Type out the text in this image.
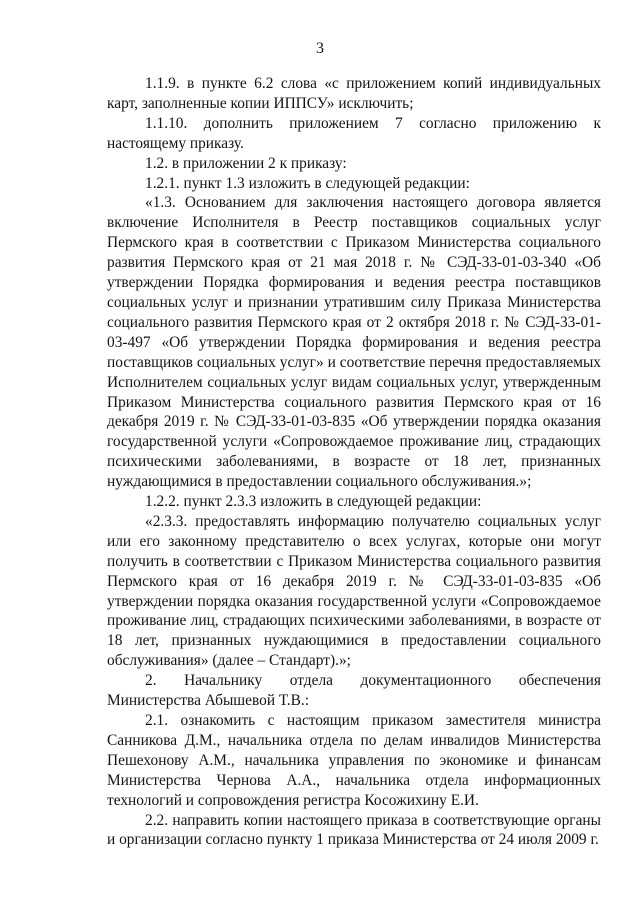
3

1.1.9. в пункте 6.2 слова «с приложением копий индивидуальных карт, заполненные копии ИППСУ» исключить;

1.1.10. дополнить приложением 7 согласно приложению к настоящему приказу.

1.2. в приложении 2 к приказу:

1.2.1. пункт 1.3 изложить в следующей редакции:

«1.3. Основанием для заключения настоящего договора является включение Исполнителя в Реестр поставщиков социальных услуг Пермского края в соответствии с Приказом Министерства социального развития Пермского края от 21 мая 2018 г. № СЭД-33-01-03-340 «Об утверждении Порядка формирования и ведения реестра поставщиков социальных услуг и признании утратившим силу Приказа Министерства социального развития Пермского края от 2 октября 2018 г. № СЭД-33-01-03-497 «Об утверждении Порядка формирования и ведения реестра поставщиков социальных услуг» и соответствие перечня предоставляемых Исполнителем социальных услуг видам социальных услуг, утвержденным Приказом Министерства социального развития Пермского края от 16 декабря 2019 г. № СЭД-33-01-03-835 «Об утверждении порядка оказания государственной услуги «Сопровождаемое проживание лиц, страдающих психическими заболеваниями, в возрасте от 18 лет, признанных нуждающимися в предоставлении социального обслуживания.»;

1.2.2. пункт 2.3.3 изложить в следующей редакции:

«2.3.3. предоставлять информацию получателю социальных услуг или его законному представителю о всех услугах, которые они могут получить в соответствии с Приказом Министерства социального развития Пермского края от 16 декабря 2019 г. № СЭД-33-01-03-835 «Об утверждении порядка оказания государственной услуги «Сопровождаемое проживание лиц, страдающих психическими заболеваниями, в возрасте от 18 лет, признанных нуждающимися в предоставлении социального обслуживания» (далее – Стандарт).»;

2. Начальнику отдела документационного обеспечения Министерства Абышевой Т.В.:

2.1. ознакомить с настоящим приказом заместителя министра Санникова Д.М., начальника отдела по делам инвалидов Министерства Пешехонову А.М., начальника управления по экономике и финансам Министерства Чернова А.А., начальника отдела информационных технологий и сопровождения регистра Косожихину Е.И.

2.2. направить копии настоящего приказа в соответствующие органы и организации согласно пункту 1 приказа Министерства от 24 июля 2009 г.
